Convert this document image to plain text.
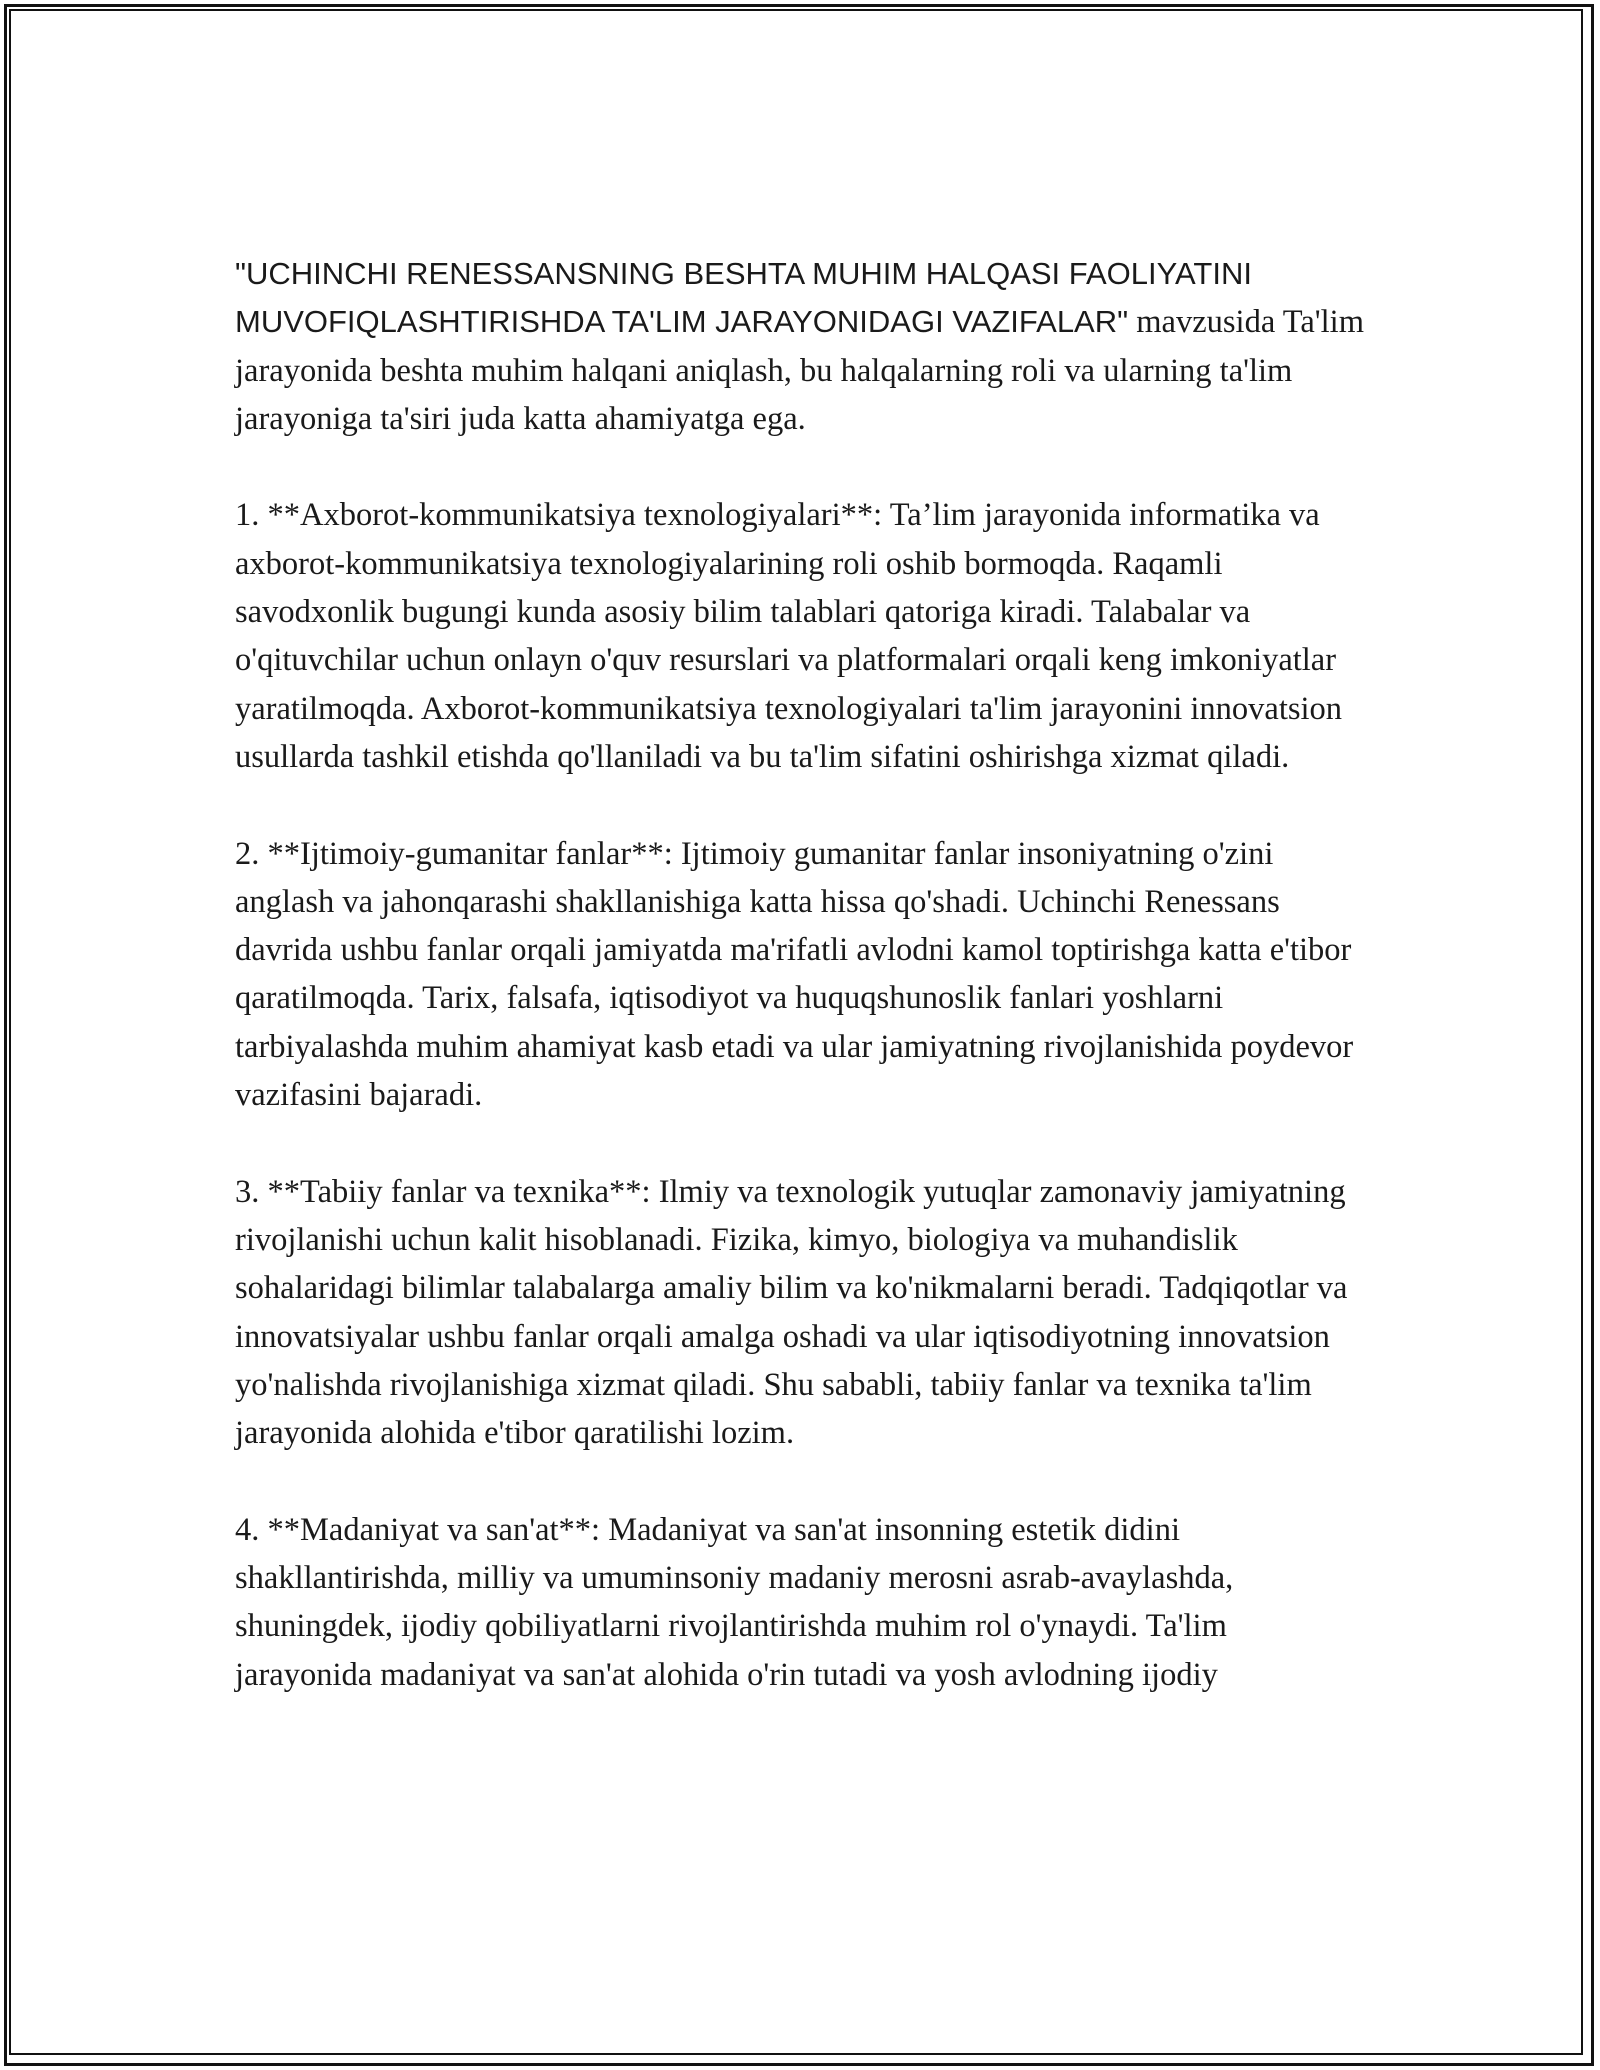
"UCHINCHI RENESSANSNING BESHTA MUHIM HALQASI FAOLIYATINI MUVOFIQLASHTIRISHDA TA'LIM JARAYONIDAGI VAZIFALAR" mavzusida Ta'lim jarayonida beshta muhim halqani aniqlash, bu halqalarning roli va ularning ta'lim jarayoniga ta'siri juda katta ahamiyatga ega.

1. **Axborot-kommunikatsiya texnologiyalari**: Ta’lim jarayonida informatika va axborot-kommunikatsiya texnologiyalarining roli oshib bormoqda. Raqamli savodxonlik bugungi kunda asosiy bilim talablari qatoriga kiradi. Talabalar va o'qituvchilar uchun onlayn o'quv resurslari va platformalari orqali keng imkoniyatlar yaratilmoqda. Axborot-kommunikatsiya texnologiyalari ta'lim jarayonini innovatsion usullarda tashkil etishda qo'llaniladi va bu ta'lim sifatini oshirishga xizmat qiladi.

2. **Ijtimoiy-gumanitar fanlar**: Ijtimoiy gumanitar fanlar insoniyatning o'zini anglash va jahonqarashi shakllanishiga katta hissa qo'shadi. Uchinchi Renessans davrida ushbu fanlar orqali jamiyatda ma'rifatli avlodni kamol toptirishga katta e'tibor qaratilmoqda. Tarix, falsafa, iqtisodiyot va huquqshunoslik fanlari yoshlarni tarbiyalashda muhim ahamiyat kasb etadi va ular jamiyatning rivojlanishida poydevor vazifasini bajaradi.

3. **Tabiiy fanlar va texnika**: Ilmiy va texnologik yutuqlar zamonaviy jamiyatning rivojlanishi uchun kalit hisoblanadi. Fizika, kimyo, biologiya va muhandislik sohalaridagi bilimlar talabalarga amaliy bilim va ko'nikmalarni beradi. Tadqiqotlar va innovatsiyalar ushbu fanlar orqali amalga oshadi va ular iqtisodiyotning innovatsion yo'nalishda rivojlanishiga xizmat qiladi. Shu sababli, tabiiy fanlar va texnika ta'lim jarayonida alohida e'tibor qaratilishi lozim.

4. **Madaniyat va san'at**: Madaniyat va san'at insonning estetik didini shakllantirishda, milliy va umuminsoniy madaniy merosni asrab-avaylashda, shuningdek, ijodiy qobiliyatlarni rivojlantirishda muhim rol o'ynaydi. Ta'lim jarayonida madaniyat va san'at alohida o'rin tutadi va yosh avlodning ijodiy
